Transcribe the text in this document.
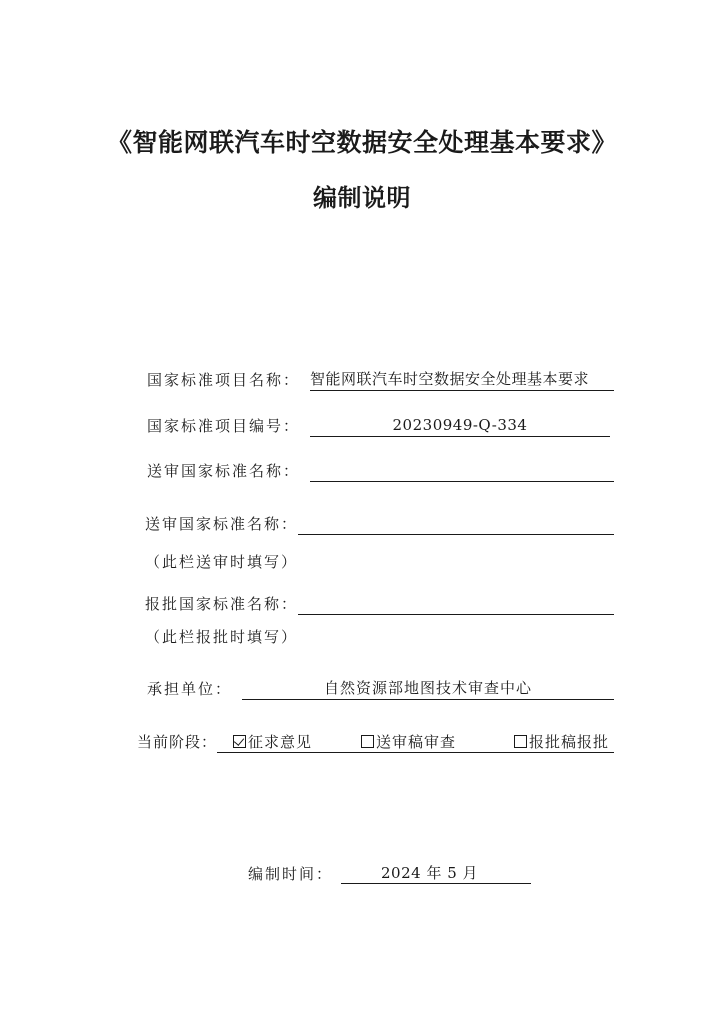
《智能网联汽车时空数据安全处理基本要求》
编制说明
国家标准项目名称： 智能网联汽车时空数据安全处理基本要求
国家标准项目编号：	20230949-Q-334
送审国家标准名称：
送审国家标准名称：
（此栏送审时填写）
报批国家标准名称：
（此栏报批时填写）
承担单位：	自然资源部地图技术审查中心
当前阶段：	征求意见	送审稿审查	报批稿报批
编制时间：	2024 年 5 月
